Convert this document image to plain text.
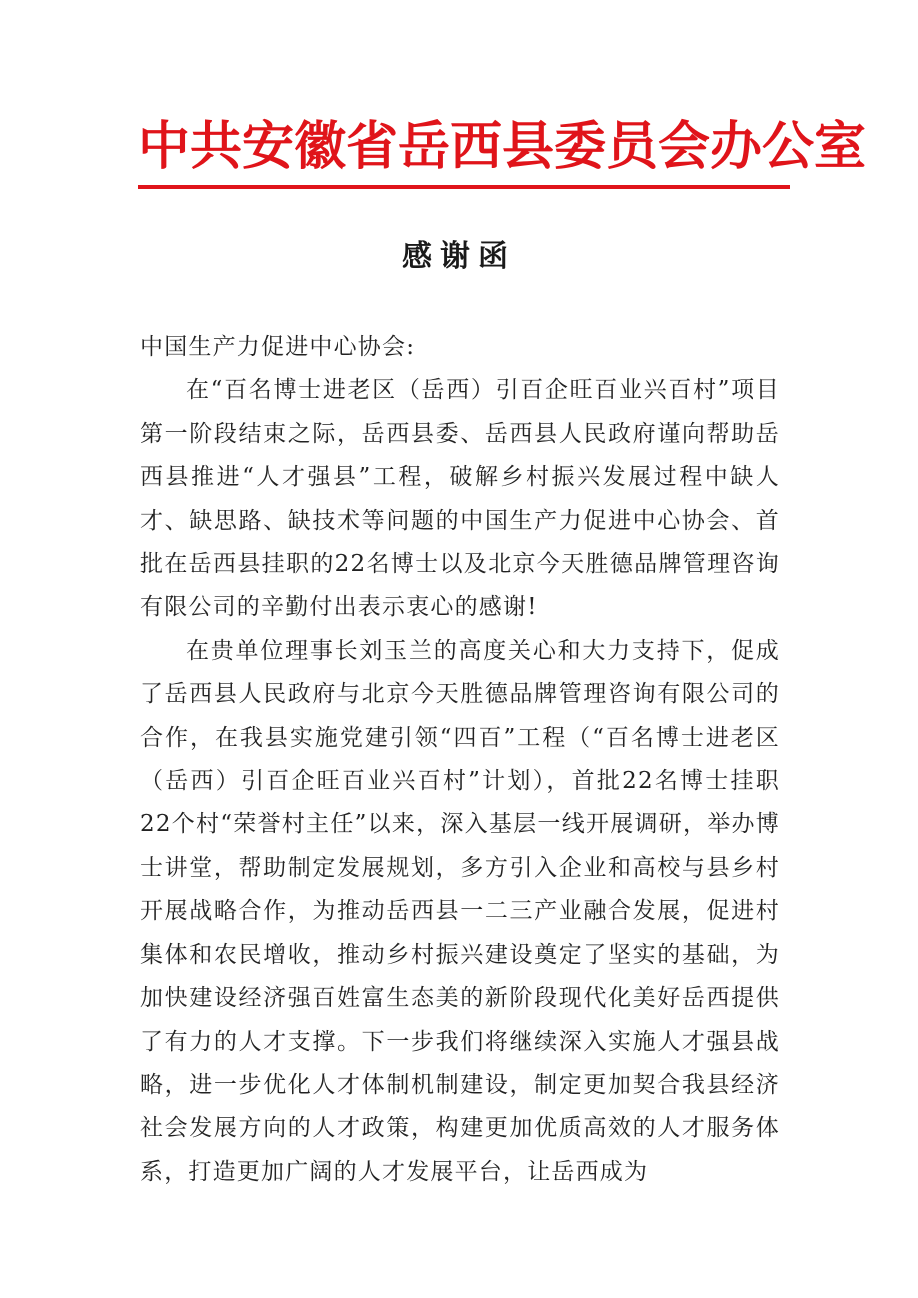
中共安徽省岳西县委员会办公室
感谢函

中国生产力促进中心协会:

在“百名博士进老区（岳西）引百企旺百业兴百村”项目第一阶段结束之际，岳西县委、岳西县人民政府谨向帮助岳西县推进“人才强县”工程，破解乡村振兴发展过程中缺人才、缺思路、缺技术等问题的中国生产力促进中心协会、首批在岳西县挂职的22名博士以及北京今天胜德品牌管理咨询有限公司的辛勤付出表示衷心的感谢!

在贵单位理事长刘玉兰的高度关心和大力支持下，促成了岳西县人民政府与北京今天胜德品牌管理咨询有限公司的合作，在我县实施党建引领“四百”工程（“百名博士进老区（岳西）引百企旺百业兴百村”计划），首批22名博士挂职22个村“荣誉村主任”以来，深入基层一线开展调研，举办博士讲堂，帮助制定发展规划，多方引入企业和高校与县乡村开展战略合作，为推动岳西县一二三产业融合发展，促进村集体和农民增收，推动乡村振兴建设奠定了坚实的基础，为加快建设经济强百姓富生态美的新阶段现代化美好岳西提供了有力的人才支撑。下一步我们将继续深入实施人才强县战略，进一步优化人才体制机制建设，制定更加契合我县经济社会发展方向的人才政策，构建更加优质高效的人才服务体系，打造更加广阔的人才发展平台，让岳西成为
